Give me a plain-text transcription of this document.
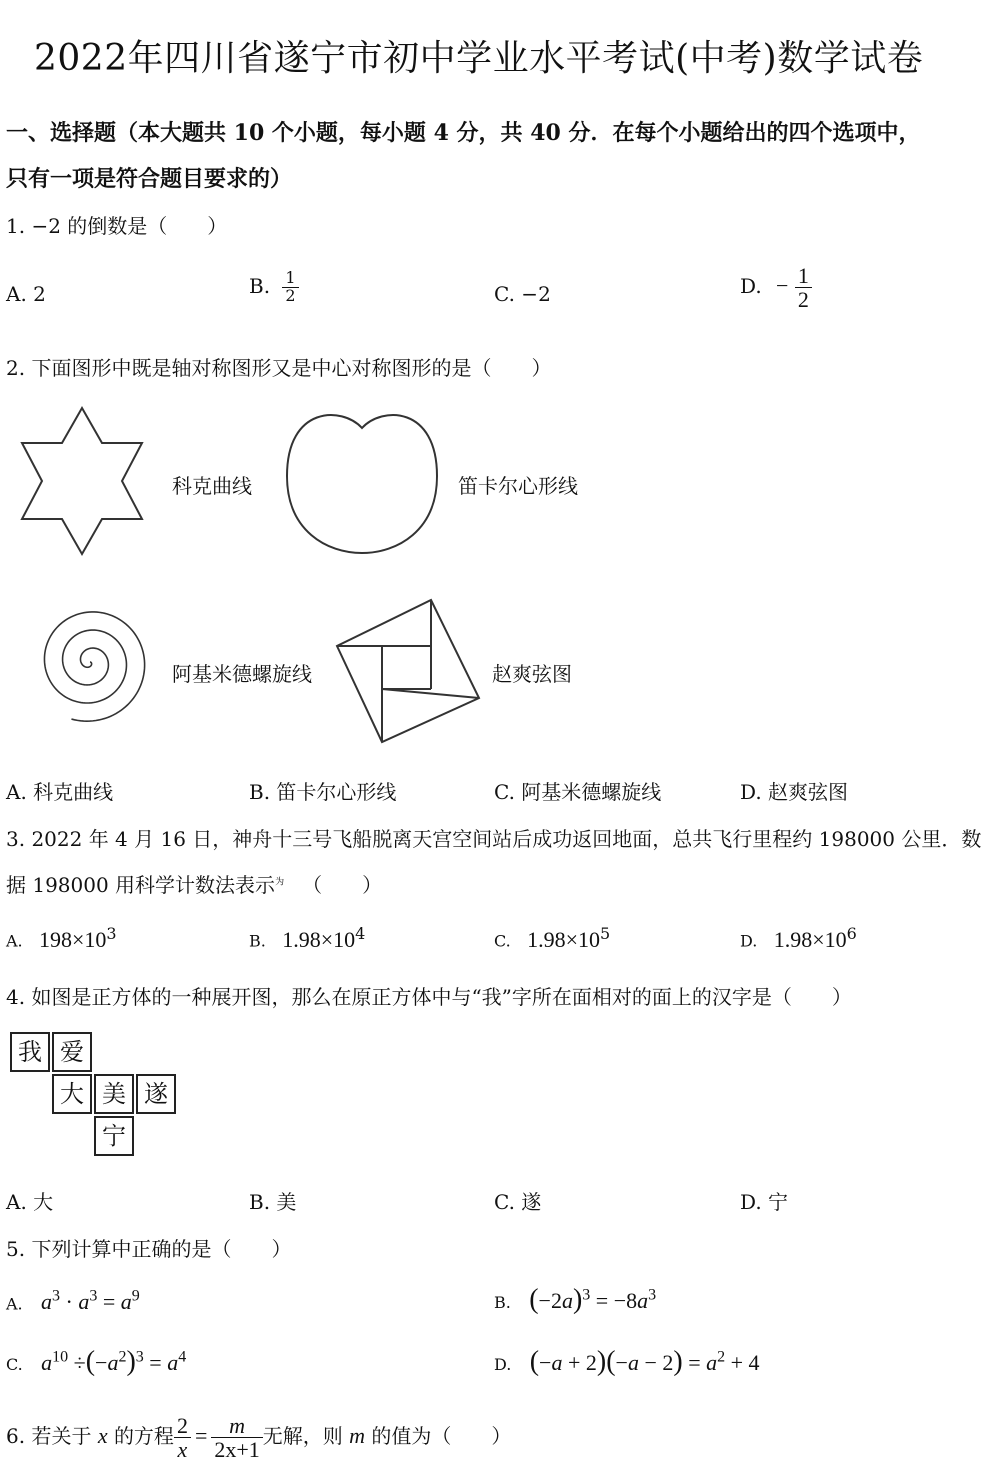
2022年四川省遂宁市初中学业水平考试(中考)数学试卷
一、选择题（本大题共 10 个小题，每小题 4 分，共 40 分．在每个小题给出的四个选项中，
只有一项是符合题目要求的）
1. −2 的倒数是（　　）
A. 2	B. $\frac{1}{2}$	C. −2	D. − $\frac{1}{2}$
2. 下面图形中既是轴对称图形又是中心对称图形的是（　　）
科克曲线	笛卡尔心形线
阿基米德螺旋线	赵爽弦图
A. 科克曲线	B. 笛卡尔心形线	C. 阿基米德螺旋线	D. 赵爽弦图
3. 2022 年 4 月 16 日，神舟十三号飞船脱离天宫空间站后成功返回地面，总共飞行里程约 198000 公里．数
据 198000 用科学计数法表示$^为$ （　　）
A. $198\times 10^3$	B. $1.98\times 10^4$	C. $1.98\times 10^5$	D. $1.98\times 10^6$
4. 如图是正方体的一种展开图，那么在原正方体中与“我”字所在面相对的面上的汉字是（　　）
我 爱
大 美 遂
宁
A. 大	B. 美	C. 遂	D. 宁
5. 下列计算中正确的是（　　）
A. $a^3 \cdot a^3 = a^9$	B. $(-2a)^3 = -8a^3$
C. $a^{10} \div(-a^2)^3 = a^4$	D. $(-a + 2)(-a - 2) = a^2 + 4$
6. 若关于 x 的方程 $\frac{2}{x} = \frac{m}{2x+1}$ 无解，则 m 的值为（　　）
